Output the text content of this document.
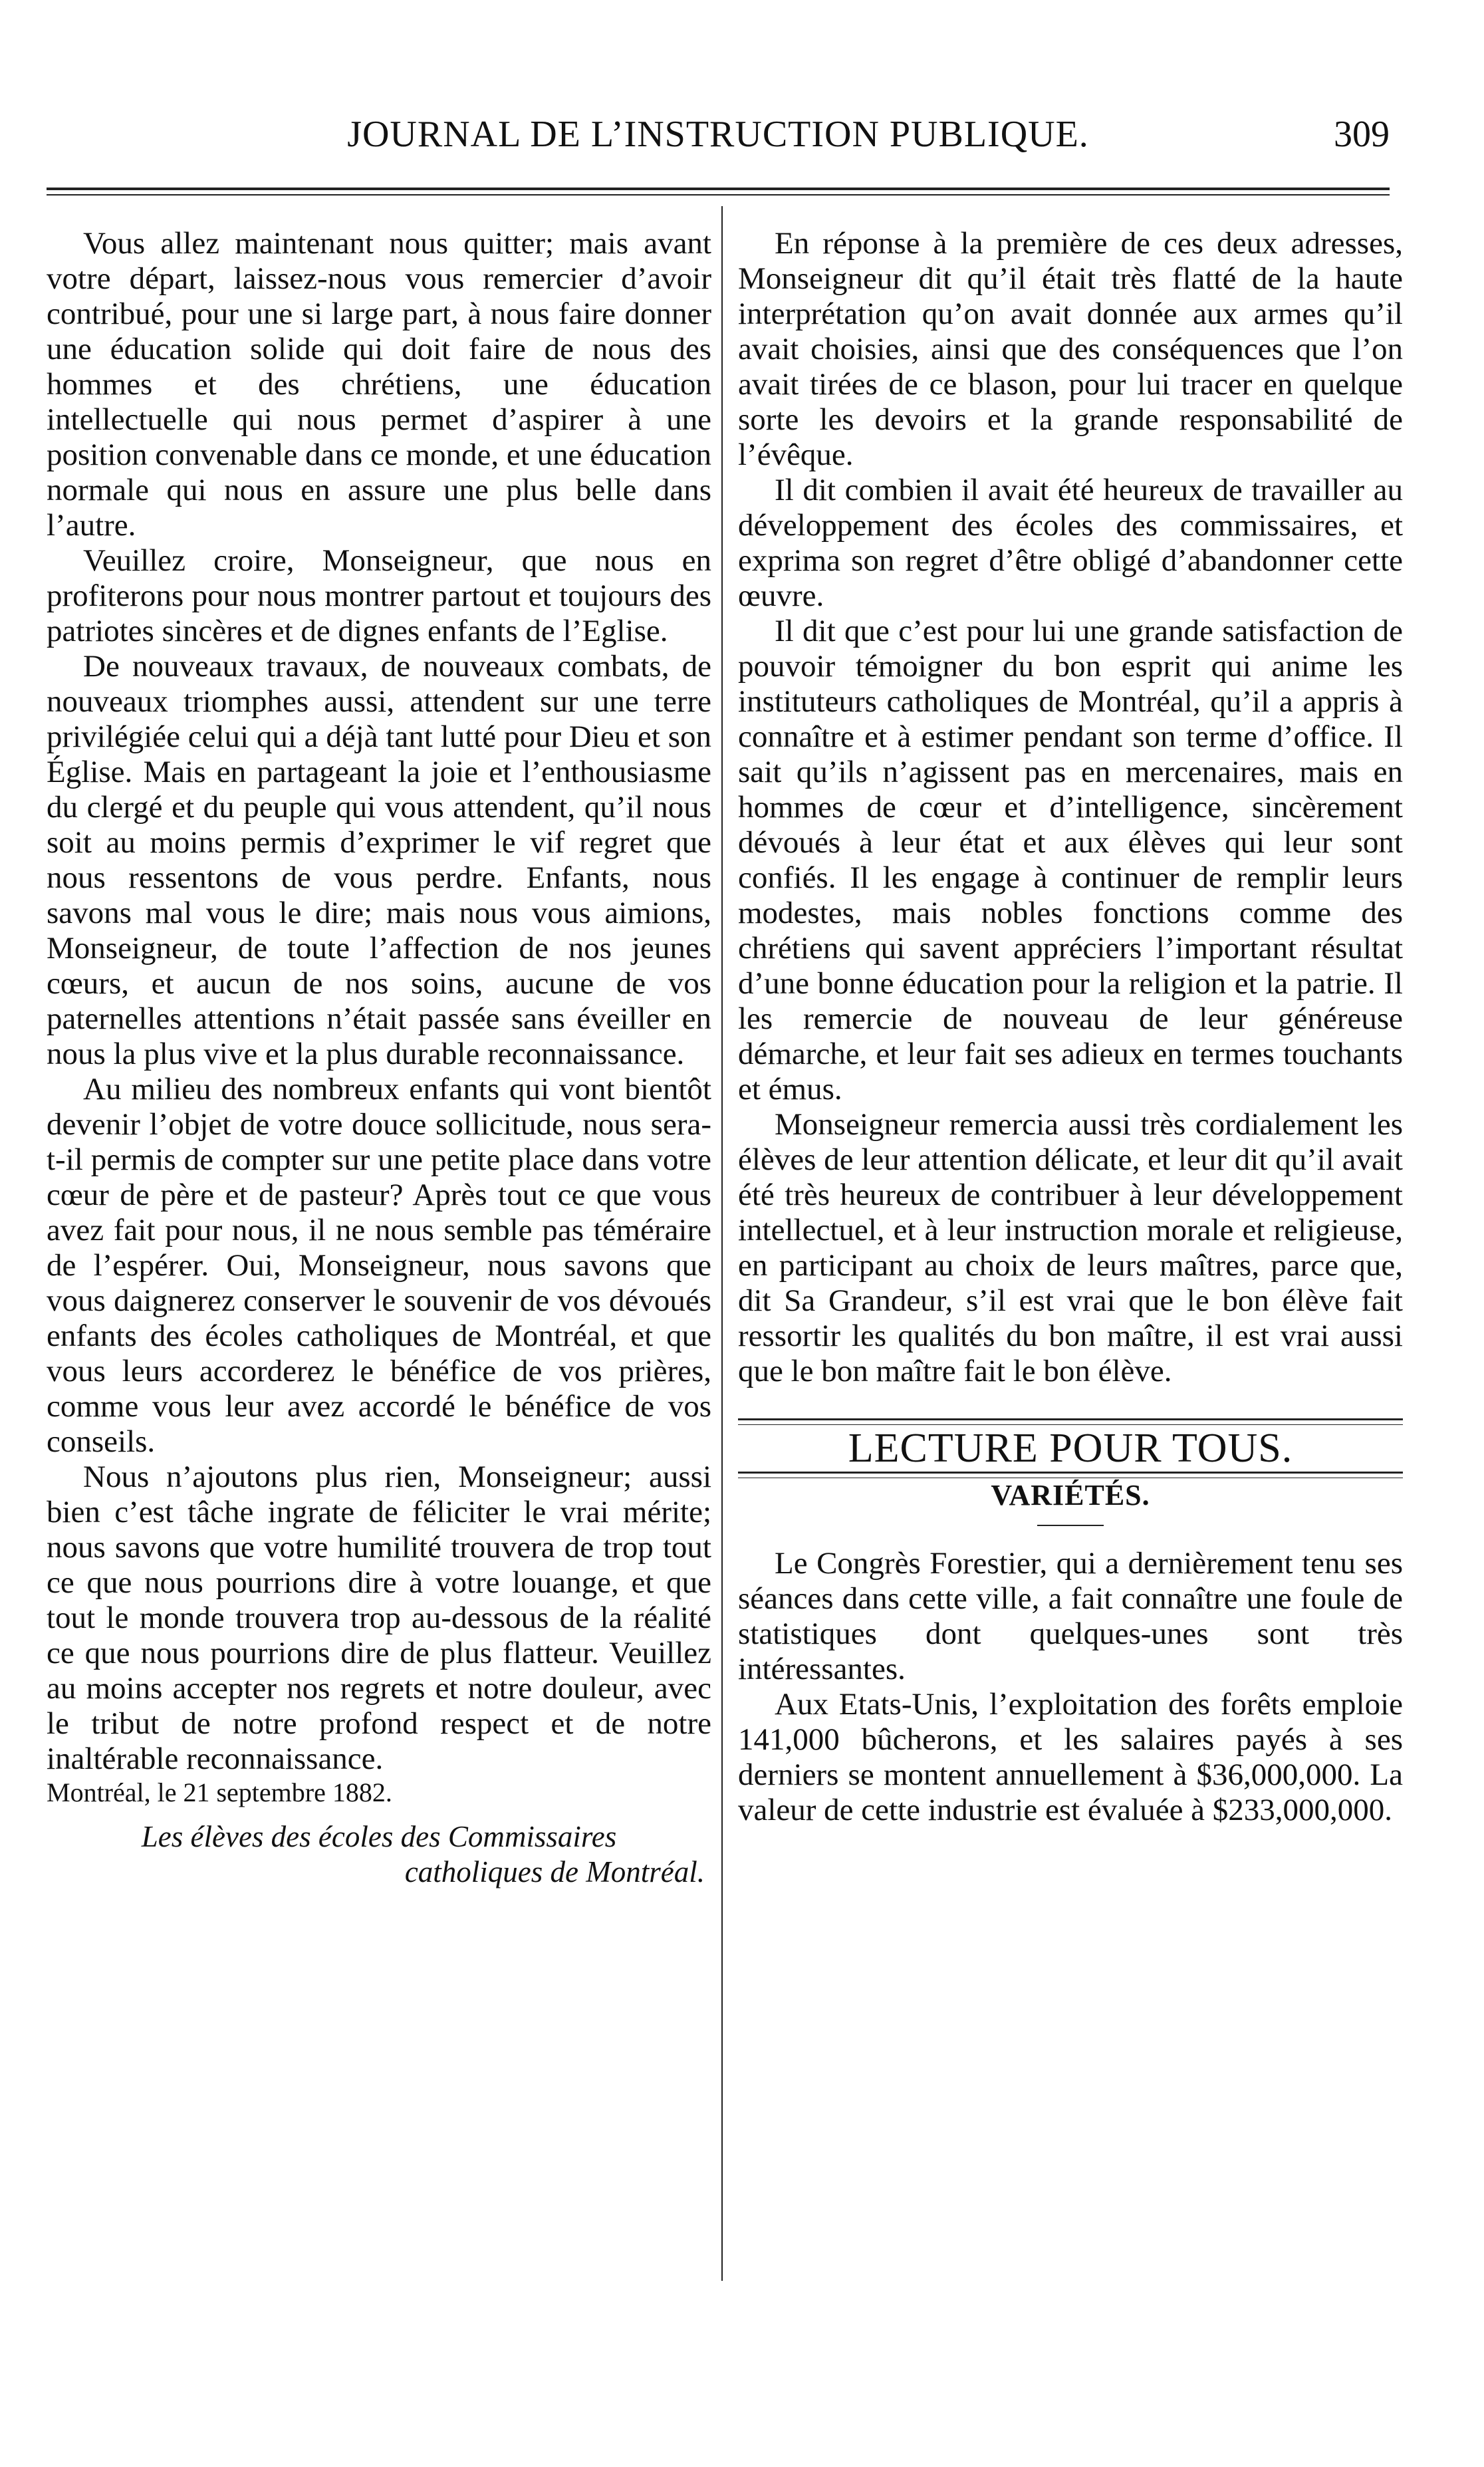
JOURNAL DE L’INSTRUCTION PUBLIQUE.	309

Vous allez maintenant nous quitter; mais avant votre départ, laissez-nous vous remercier d’avoir contribué, pour une si large part, à nous faire donner une éducation solide qui doit faire de nous des hommes et des chrétiens, une éducation intellectuelle qui nous permet d’aspirer à une position convenable dans ce monde, et une éducation normale qui nous en assure une plus belle dans l’autre.

Veuillez croire, Monseigneur, que nous en profiterons pour nous montrer partout et toujours des patriotes sincères et de dignes enfants de l’Eglise.

De nouveaux travaux, de nouveaux combats, de nouveaux triomphes aussi, attendent sur une terre privilégiée celui qui a déjà tant lutté pour Dieu et son Église. Mais en partageant la joie et l’enthousiasme du clergé et du peuple qui vous attendent, qu’il nous soit au moins permis d’exprimer le vif regret que nous ressentons de vous perdre. Enfants, nous savons mal vous le dire; mais nous vous aimions, Monseigneur, de toute l’affection de nos jeunes cœurs, et aucun de nos soins, aucune de vos paternelles attentions n’était passée sans éveiller en nous la plus vive et la plus durable reconnaissance.

Au milieu des nombreux enfants qui vont bientôt devenir l’objet de votre douce sollicitude, nous sera-t-il permis de compter sur une petite place dans votre cœur de père et de pasteur? Après tout ce que vous avez fait pour nous, il ne nous semble pas téméraire de l’espérer. Oui, Monseigneur, nous savons que vous daignerez conserver le souvenir de vos dévoués enfants des écoles catholiques de Montréal, et que vous leurs accorderez le bénéfice de vos prières, comme vous leur avez accordé le bénéfice de vos conseils.

Nous n’ajoutons plus rien, Monseigneur; aussi bien c’est tâche ingrate de féliciter le vrai mérite; nous savons que votre humilité trouvera de trop tout ce que nous pourrions dire à votre louange, et que tout le monde trouvera trop au-dessous de la réalité ce que nous pourrions dire de plus flatteur. Veuillez au moins accepter nos regrets et notre douleur, avec le tribut de notre profond respect et de notre inaltérable reconnaissance.

Montréal, le 21 septembre 1882.

Les élèves des écoles des Commissaires

catholiques de Montréal.

En réponse à la première de ces deux adresses, Monseigneur dit qu’il était très flatté de la haute interprétation qu’on avait donnée aux armes qu’il avait choisies, ainsi que des conséquences que l’on avait tirées de ce blason, pour lui tracer en quelque sorte les devoirs et la grande responsabilité de l’évêque.

Il dit combien il avait été heureux de travailler au développement des écoles des commissaires, et exprima son regret d’être obligé d’abandonner cette œuvre.

Il dit que c’est pour lui une grande satisfaction de pouvoir témoigner du bon esprit qui anime les instituteurs catholiques de Montréal, qu’il a appris à connaître et à estimer pendant son terme d’office. Il sait qu’ils n’agissent pas en mercenaires, mais en hommes de cœur et d’intelligence, sincèrement dévoués à leur état et aux élèves qui leur sont confiés. Il les engage à continuer de remplir leurs modestes, mais nobles fonctions comme des chrétiens qui savent appréciers l’important résultat d’une bonne éducation pour la religion et la patrie. Il les remercie de nouveau de leur généreuse démarche, et leur fait ses adieux en termes touchants et émus.

Monseigneur remercia aussi très cordialement les élèves de leur attention délicate, et leur dit qu’il avait été très heureux de contribuer à leur développement intellectuel, et à leur instruction morale et religieuse, en participant au choix de leurs maîtres, parce que, dit Sa Grandeur, s’il est vrai que le bon élève fait ressortir les qualités du bon maître, il est vrai aussi que le bon maître fait le bon élève.

LECTURE POUR TOUS.

VARIÉTÉS.

Le Congrès Forestier, qui a dernièrement tenu ses séances dans cette ville, a fait connaître une foule de statistiques dont quelques-unes sont très intéressantes.

Aux Etats-Unis, l’exploitation des forêts emploie 141,000 bûcherons, et les salaires payés à ses derniers se montent annuellement à $36,000,000. La valeur de cette industrie est évaluée à $233,000,000.
